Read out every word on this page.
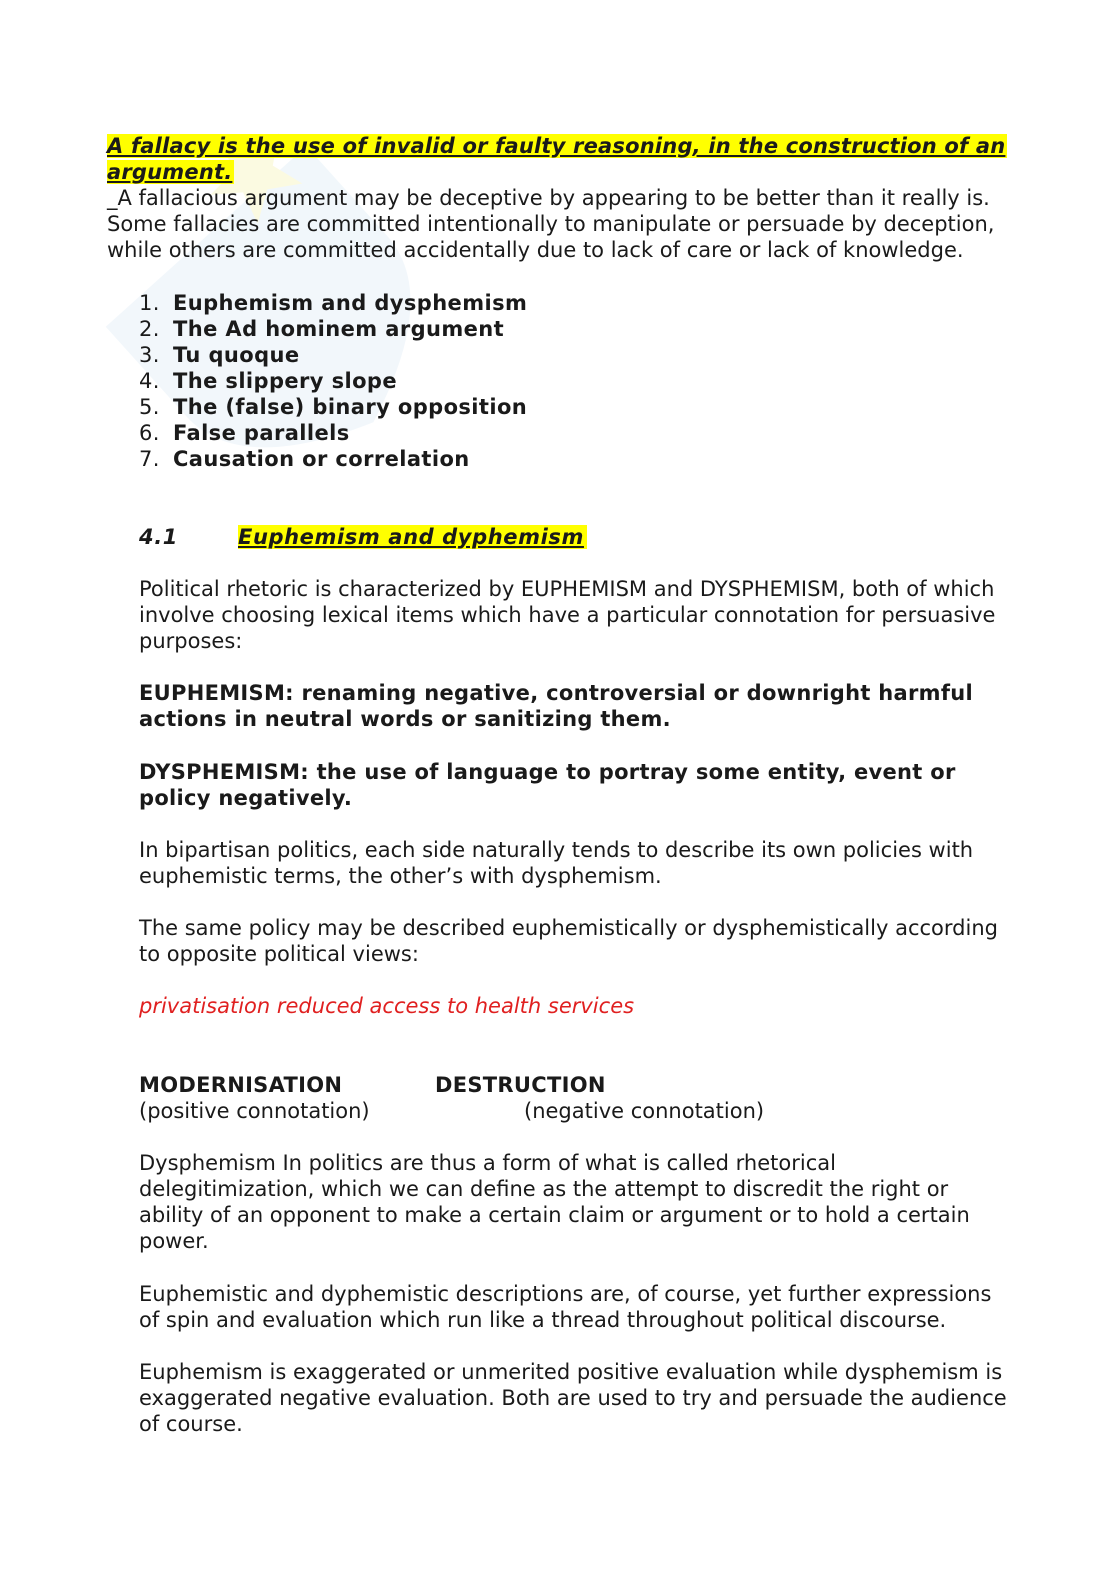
A fallacy is the use of invalid or faulty reasoning, in the construction of an argument.

_A fallacious argument may be deceptive by appearing to be better than it really is. Some fallacies are committed intentionally to manipulate or persuade by deception, while others are committed accidentally due to lack of care or lack of knowledge.

1. Euphemism and dysphemism
2. The Ad hominem argument
3. Tu quoque
4. The slippery slope
5. The (false) binary opposition
6. False parallels
7. Causation or correlation
4.1	Euphemism and dyphemism

Political rhetoric is characterized by EUPHEMISM and DYSPHEMISM, both of which involve choosing lexical items which have a particular connotation for persuasive purposes:

EUPHEMISM: renaming negative, controversial or downright harmful actions in neutral words or sanitizing them.

DYSPHEMISM: the use of language to portray some entity, event or policy negatively.

In bipartisan politics, each side naturally tends to describe its own policies with euphemistic terms, the other’s with dysphemism.

The same policy may be described euphemistically or dysphemistically according to opposite political views:

privatisation reduced access to health services

MODERNISATION	DESTRUCTION
(positive connotation)	(negative connotation)

Dysphemism In politics are thus a form of what is called rhetorical delegitimization, which we can define as the attempt to discredit the right or ability of an opponent to make a certain claim or argument or to hold a certain power.

Euphemistic and dyphemistic descriptions are, of course, yet further expressions of spin and evaluation which run like a thread throughout political discourse.

Euphemism is exaggerated or unmerited positive evaluation while dysphemism is exaggerated negative evaluation. Both are used to try and persuade the audience of course.
